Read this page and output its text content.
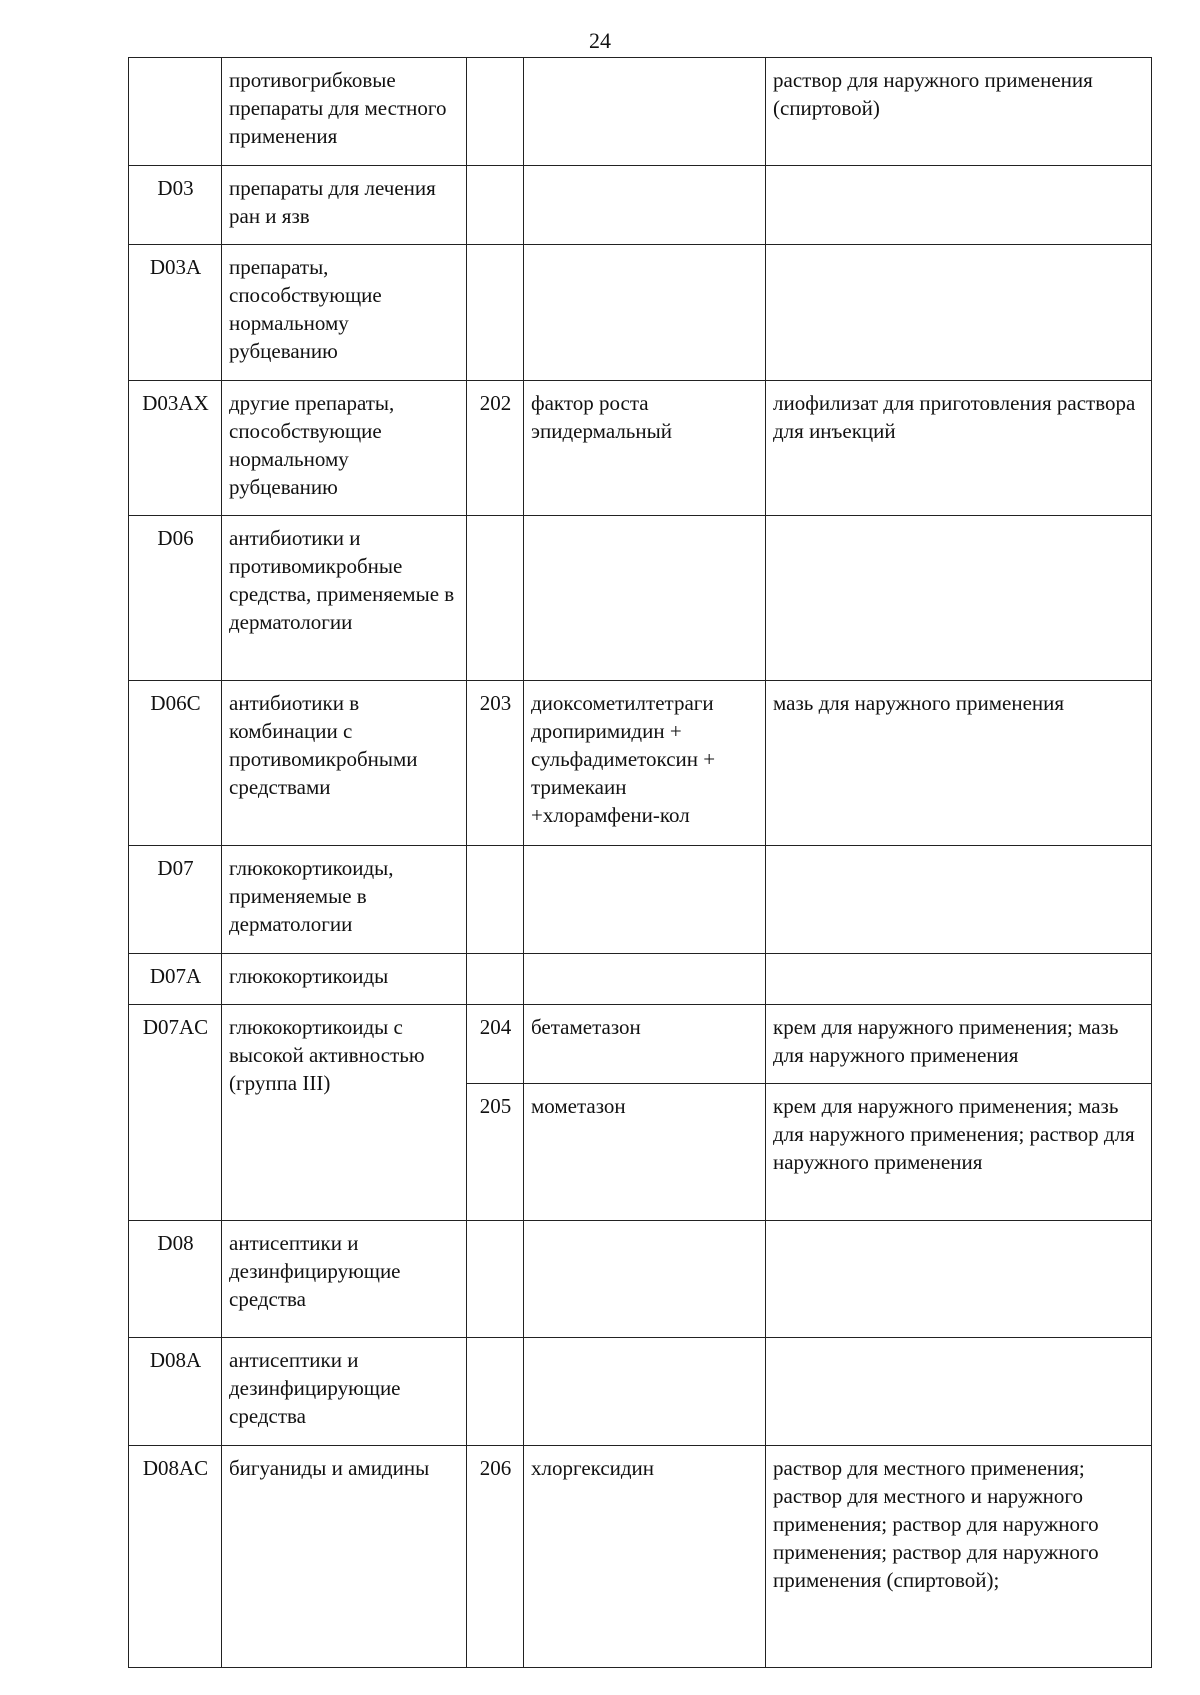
24
	противогрибковые препараты для местного применения			раствор для наружного применения (спиртовой)
D03	препараты для лечения ран и язв			
D03A	препараты, способствующие нормальному рубцеванию			
D03AX	другие препараты, способствующие нормальному рубцеванию	202	фактор роста эпидермальный	лиофилизат для приготовления раствора для инъекций
D06	антибиотики и противомикробные средства, применяемые в дерматологии			
D06C	антибиотики в комбинации с противомикробными средствами	203	диоксометилтетраги дропиримидин + сульфадиметоксин + тримекаин +хлорамфени-кол	мазь для наружного применения
D07	глюкокортикоиды, применяемые в дерматологии			
D07A	глюкокортикоиды			
D07AC	глюкокортикоиды с высокой активностью (группа III)	204	бетаметазон	крем для наружного применения; мазь для наружного применения
		205	мометазон	крем для наружного применения; мазь для наружного применения; раствор для наружного применения
D08	антисептики и дезинфицирующие средства			
D08A	антисептики и дезинфицирующие средства			
D08AC	бигуаниды и амидины	206	хлоргексидин	раствор для местного применения; раствор для местного и наружного применения; раствор для наружного применения; раствор для наружного применения (спиртовой);
